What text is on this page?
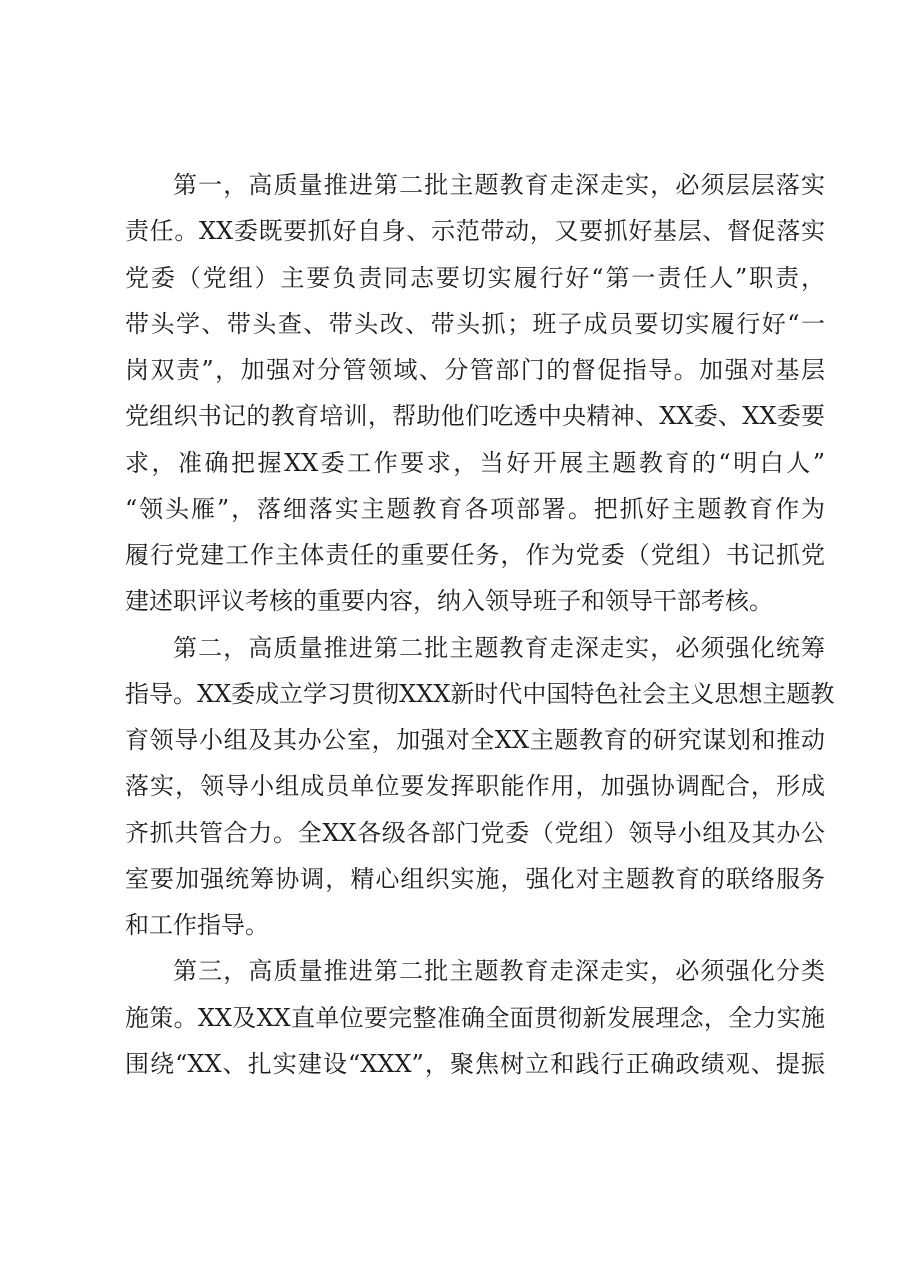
第一，高质量推进第二批主题教育走深走实，必须层层落实
责任。XX委既要抓好自身、示范带动，又要抓好基层、督促落实
党委（党组）主要负责同志要切实履行好“第一责任人”职责，
带头学、带头查、带头改、带头抓；班子成员要切实履行好“一
岗双责”，加强对分管领域、分管部门的督促指导。加强对基层
党组织书记的教育培训，帮助他们吃透中央精神、XX委、XX委要
求，准确把握XX委工作要求，当好开展主题教育的“明白人”
“领头雁”，落细落实主题教育各项部署。把抓好主题教育作为
履行党建工作主体责任的重要任务，作为党委（党组）书记抓党
建述职评议考核的重要内容，纳入领导班子和领导干部考核。
第二，高质量推进第二批主题教育走深走实，必须强化统筹
指导。XX委成立学习贯彻XXX新时代中国特色社会主义思想主题教
育领导小组及其办公室，加强对全XX主题教育的研究谋划和推动
落实，领导小组成员单位要发挥职能作用，加强协调配合，形成
齐抓共管合力。全XX各级各部门党委（党组）领导小组及其办公
室要加强统筹协调，精心组织实施，强化对主题教育的联络服务
和工作指导。
第三，高质量推进第二批主题教育走深走实，必须强化分类
施策。XX及XX直单位要完整准确全面贯彻新发展理念，全力实施
围绕“XX、扎实建设“XXX”，聚焦树立和践行正确政绩观、提振
